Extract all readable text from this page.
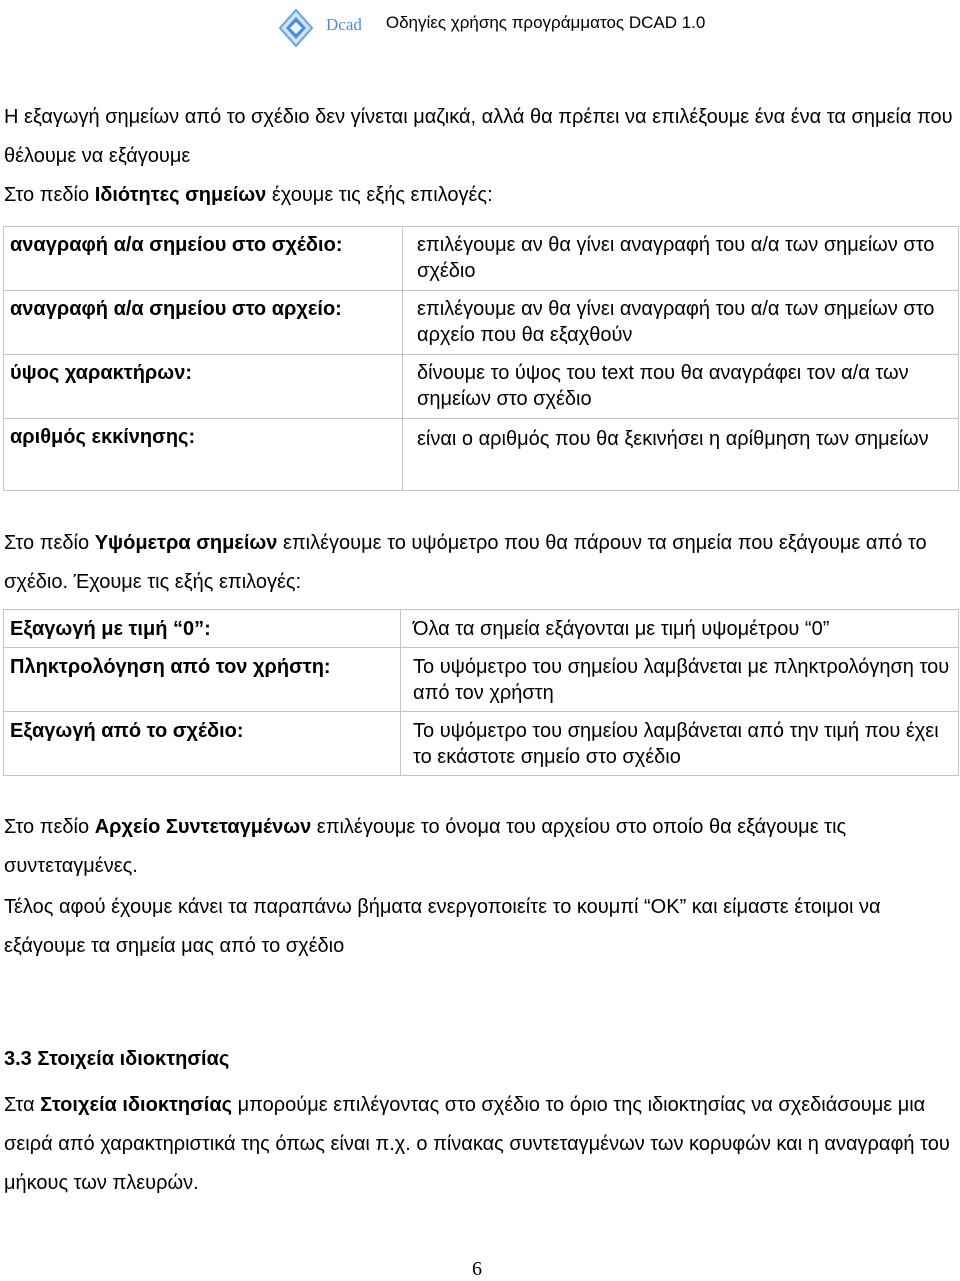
Dcad Οδηγίες χρήσης προγράμματος DCAD 1.0

Η εξαγωγή σημείων από το σχέδιο δεν γίνεται μαζικά, αλλά θα πρέπει να επιλέξουμε ένα ένα τα σημεία που θέλουμε να εξάγουμε

Στο πεδίο Ιδιότητες σημείων έχουμε τις εξής επιλογές:

αναγραφή α/α σημείου στο σχέδιο:	επιλέγουμε αν θα γίνει αναγραφή του α/α των σημείων στο σχέδιο
αναγραφή α/α σημείου στο αρχείο:	επιλέγουμε αν θα γίνει αναγραφή του α/α των σημείων στο αρχείο που θα εξαχθούν
ύψος χαρακτήρων:	δίνουμε το ύψος του text που θα αναγράφει τον α/α των σημείων στο σχέδιο
αριθμός εκκίνησης:	είναι ο αριθμός που θα ξεκινήσει η αρίθμηση των σημείων

Στο πεδίο Υψόμετρα σημείων επιλέγουμε το υψόμετρο που θα πάρουν τα σημεία που εξάγουμε από το σχέδιο. Έχουμε τις εξής επιλογές:

Εξαγωγή με τιμή “0”:	Όλα τα σημεία εξάγονται με τιμή υψομέτρου “0”
Πληκτρολόγηση από τον χρήστη:	Το υψόμετρο του σημείου λαμβάνεται με πληκτρολόγηση του από τον χρήστη
Εξαγωγή από το σχέδιο:	Το υψόμετρο του σημείου λαμβάνεται από την τιμή που έχει το εκάστοτε σημείο στο σχέδιο

Στο πεδίο Αρχείο Συντεταγμένων επιλέγουμε το όνομα του αρχείου στο οποίο θα εξάγουμε τις συντεταγμένες.

Τέλος αφού έχουμε κάνει τα παραπάνω βήματα ενεργοποιείτε το κουμπί “OK” και είμαστε έτοιμοι να εξάγουμε τα σημεία μας από το σχέδιο

3.3 Στοιχεία ιδιοκτησίας

Στα Στοιχεία ιδιοκτησίας μπορούμε επιλέγοντας στο σχέδιο το όριο της ιδιοκτησίας να σχεδιάσουμε μια σειρά από χαρακτηριστικά της όπως είναι π.χ. ο πίνακας συντεταγμένων των κορυφών και η αναγραφή του μήκους των πλευρών.

6
